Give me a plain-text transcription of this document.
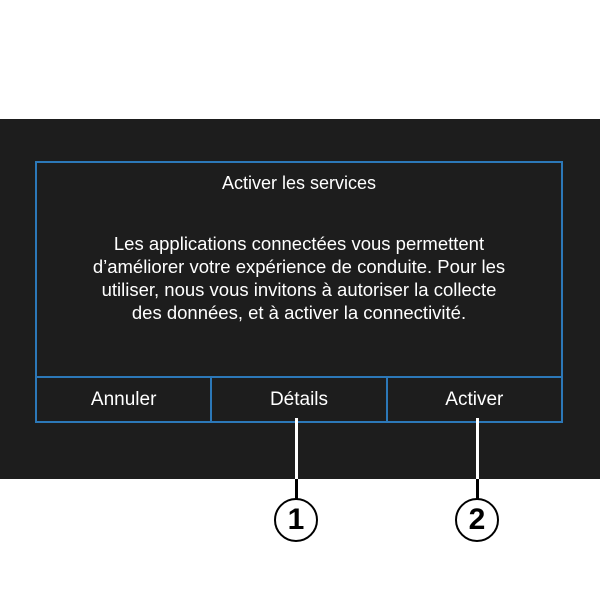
Activer les services
Les applications connectées vous permettent
d’améliorer votre expérience de conduite. Pour les
utiliser, nous vous invitons à autoriser la collecte
des données, et à activer la connectivité.
Annuler	Détails	Activer
1	2
